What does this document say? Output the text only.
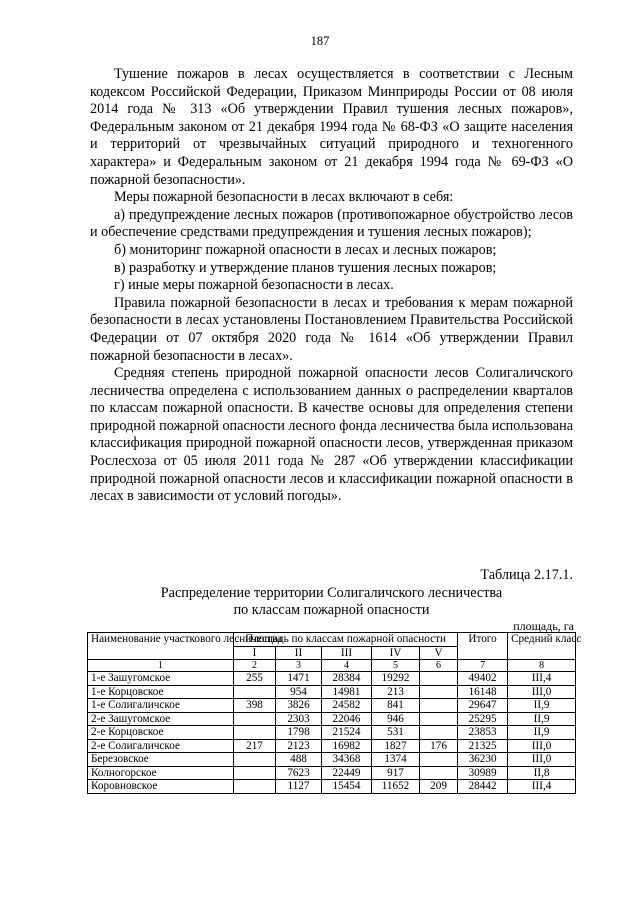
187

Тушение пожаров в лесах осуществляется в соответствии с Лесным кодексом Российской Федерации, Приказом Минприроды России от 08 июля 2014 года № 313 «Об утверждении Правил тушения лесных пожаров», Федеральным законом от 21 декабря 1994 года № 68-ФЗ «О защите населения и территорий от чрезвычайных ситуаций природного и техногенного характера» и Федеральным законом от 21 декабря 1994 года № 69-ФЗ «О пожарной безопасности».

Меры пожарной безопасности в лесах включают в себя:

а) предупреждение лесных пожаров (противопожарное обустройство лесов и обеспечение средствами предупреждения и тушения лесных пожаров);

б) мониторинг пожарной опасности в лесах и лесных пожаров;

в) разработку и утверждение планов тушения лесных пожаров;

г) иные меры пожарной безопасности в лесах.

Правила пожарной безопасности в лесах и требования к мерам пожарной безопасности в лесах установлены Постановлением Правительства Российской Федерации от 07 октября 2020 года № 1614 «Об утверждении Правил пожарной безопасности в лесах».

Средняя степень природной пожарной опасности лесов Солигаличского лесничества определена с использованием данных о распределении кварталов по классам пожарной опасности. В качестве основы для определения степени природной пожарной опасности лесного фонда лесничества была использована классификация природной пожарной опасности лесов, утвержденная приказом Рослесхоза от 05 июля 2011 года № 287 «Об утверждении классификации природной пожарной опасности лесов и классификации пожарной опасности в лесах в зависимости от условий погоды».

Таблица 2.17.1.
Распределение территории Солигаличского лесничества
по классам пожарной опасности
площадь, га
Наименование участкового лесничества	Площадь по классам пожарной опасности					Итого	Средний класс
	I	II	III	IV	V		
1	2	3	4	5	6	7	8
1-е Зашугомское	255	1471	28384	19292		49402	III,4
1-е Корцовское		954	14981	213		16148	III,0
1-е Солигаличское	398	3826	24582	841		29647	II,9
2-е Зашугомское		2303	22046	946		25295	II,9
2-е Корцовское		1798	21524	531		23853	II,9
2-е Солигаличское	217	2123	16982	1827	176	21325	III,0
Березовское		488	34368	1374		36230	III,0
Колногорское		7623	22449	917		30989	II,8
Коровновское		1127	15454	11652	209	28442	III,4
